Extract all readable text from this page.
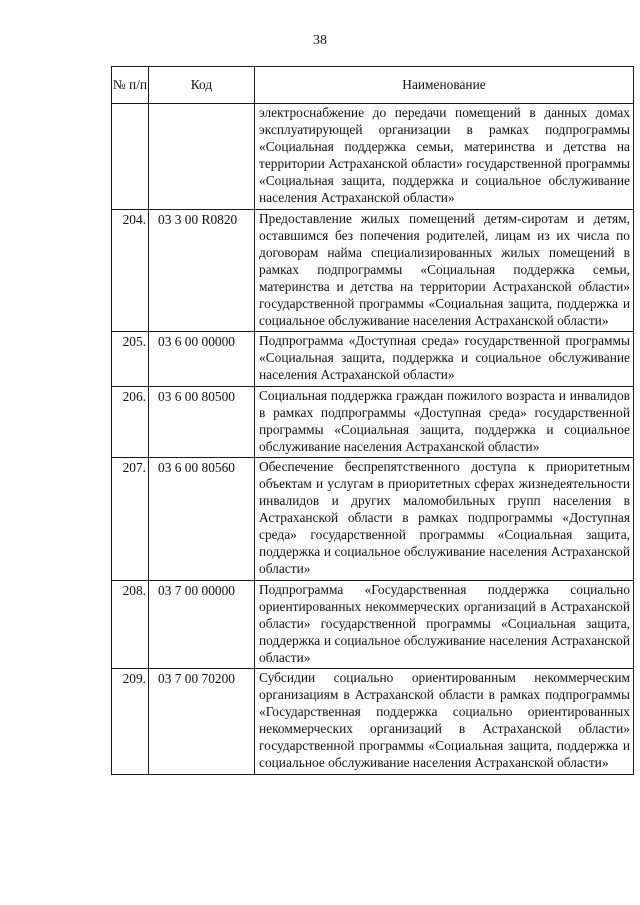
38
№ п/п	Код	Наименование
		электроснабжение до передачи помещений в данных домах эксплуатирующей организации в рамках подпрограммы «Социальная поддержка семьи, материнства и детства на территории Астраханской области» государственной программы «Социальная защита, поддержка и социальное обслуживание населения Астраханской области»
204.	03 3 00 R0820	Предоставление жилых помещений детям-сиротам и детям, оставшимся без попечения родителей, лицам из их числа по договорам найма специализированных жилых помещений в рамках подпрограммы «Социальная поддержка семьи, материнства и детства на территории Астраханской области» государственной программы «Социальная защита, поддержка и социальное обслуживание населения Астраханской области»
205.	03 6 00 00000	Подпрограмма «Доступная среда» государственной программы «Социальная защита, поддержка и социальное обслуживание населения Астраханской области»
206.	03 6 00 80500	Социальная поддержка граждан пожилого возраста и инвалидов в рамках подпрограммы «Доступная среда» государственной программы «Социальная защита, поддержка и социальное обслуживание населения Астраханской области»
207.	03 6 00 80560	Обеспечение беспрепятственного доступа к приоритетным объектам и услугам в приоритетных сферах жизнедеятельности инвалидов и других маломобильных групп населения в Астраханской области в рамках подпрограммы «Доступная среда» государственной программы «Социальная защита, поддержка и социальное обслуживание населения Астраханской области»
208.	03 7 00 00000	Подпрограмма «Государственная поддержка социально ориентированных некоммерческих организаций в Астраханской области» государственной программы «Социальная защита, поддержка и социальное обслуживание населения Астраханской области»
209.	03 7 00 70200	Субсидии социально ориентированным некоммерческим организациям в Астраханской области в рамках подпрограммы «Государственная поддержка социально ориентированных некоммерческих организаций в Астраханской области» государственной программы «Социальная защита, поддержка и социальное обслуживание населения Астраханской области»
